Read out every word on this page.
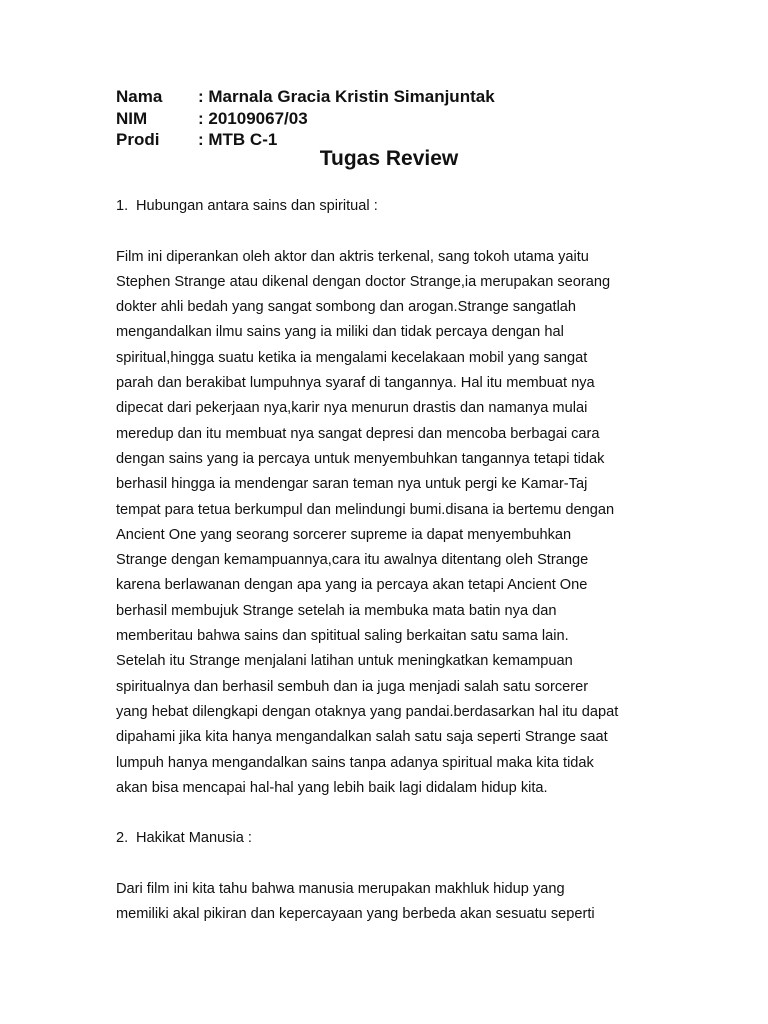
Nama	: Marnala Gracia Kristin Simanjuntak
NIM	: 20109067/03
Prodi	: MTB C-1
Tugas Review

1. Hubungan antara sains dan spiritual :

Film ini diperankan oleh aktor dan aktris terkenal, sang tokoh utama yaitu
Stephen Strange atau dikenal dengan doctor Strange,ia merupakan seorang
dokter ahli bedah yang sangat sombong dan arogan.Strange sangatlah
mengandalkan ilmu sains yang ia miliki dan tidak percaya dengan hal
spiritual,hingga suatu ketika ia mengalami kecelakaan mobil yang sangat
parah dan berakibat lumpuhnya syaraf di tangannya. Hal itu membuat nya
dipecat dari pekerjaan nya,karir nya menurun drastis dan namanya mulai
meredup dan itu membuat nya sangat depresi dan mencoba berbagai cara
dengan sains yang ia percaya untuk menyembuhkan tangannya tetapi tidak
berhasil hingga ia mendengar saran teman nya untuk pergi ke Kamar-Taj
tempat para tetua berkumpul dan melindungi bumi.disana ia bertemu dengan
Ancient One yang seorang sorcerer supreme ia dapat menyembuhkan
Strange dengan kemampuannya,cara itu awalnya ditentang oleh Strange
karena berlawanan dengan apa yang ia percaya akan tetapi Ancient One
berhasil membujuk Strange setelah ia membuka mata batin nya dan
memberitau bahwa sains dan spititual saling berkaitan satu sama lain.
Setelah itu Strange menjalani latihan untuk meningkatkan kemampuan
spiritualnya dan berhasil sembuh dan ia juga menjadi salah satu sorcerer
yang hebat dilengkapi dengan otaknya yang pandai.berdasarkan hal itu dapat
dipahami jika kita hanya mengandalkan salah satu saja seperti Strange saat
lumpuh hanya mengandalkan sains tanpa adanya spiritual maka kita tidak
akan bisa mencapai hal-hal yang lebih baik lagi didalam hidup kita.

2. Hakikat Manusia :

Dari film ini kita tahu bahwa manusia merupakan makhluk hidup yang
memiliki akal pikiran dan kepercayaan yang berbeda akan sesuatu seperti
